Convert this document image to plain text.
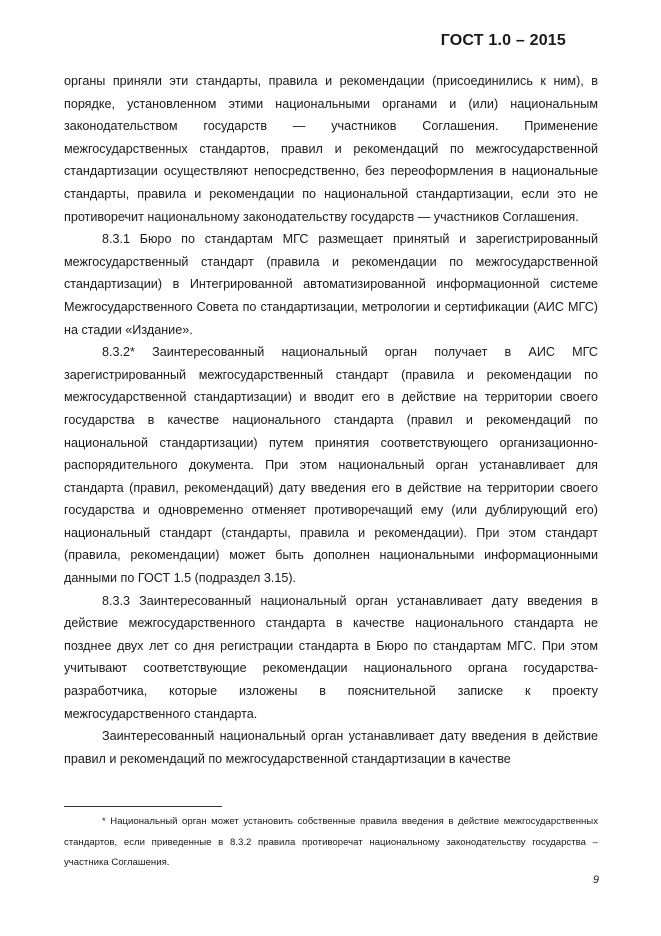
ГОСТ 1.0 – 2015

органы приняли эти стандарты, правила и рекомендации (присоединились к ним), в порядке, установленном этими национальными органами и (или) национальным законодательством государств — участников Соглашения. Применение межгосударственных стандартов, правил и рекомендаций по межгосударственной стандартизации осуществляют непосредственно, без переоформления в национальные стандарты, правила и рекомендации по национальной стандартизации, если это не противоречит национальному законодательству государств — участников Соглашения.

8.3.1 Бюро по стандартам МГС размещает принятый и зарегистрированный межгосударственный стандарт (правила и рекомендации по межгосударственной стандартизации) в Интегрированной автоматизированной информационной системе Межгосударственного Совета по стандартизации, метрологии и сертификации (АИС МГС) на стадии «Издание».

8.3.2* Заинтересованный национальный орган получает в АИС МГС зарегистрированный межгосударственный стандарт (правила и рекомендации по межгосударственной стандартизации) и вводит его в действие на территории своего государства в качестве национального стандарта (правил и рекомендаций по национальной стандартизации) путем принятия соответствующего организационно-распорядительного документа. При этом национальный орган устанавливает для стандарта (правил, рекомендаций) дату введения его в действие на территории своего государства и одновременно отменяет противоречащий ему (или дублирующий его) национальный стандарт (стандарты, правила и рекомендации). При этом стандарт (правила, рекомендации) может быть дополнен национальными информационными данными по ГОСТ 1.5 (подраздел 3.15).

8.3.3 Заинтересованный национальный орган устанавливает дату введения в действие межгосударственного стандарта в качестве национального стандарта не позднее двух лет со дня регистрации стандарта в Бюро по стандартам МГС. При этом учитывают соответствующие рекомендации национального органа государства-разработчика, которые изложены в пояснительной записке к проекту межгосударственного стандарта.

Заинтересованный национальный орган устанавливает дату введения в действие правил и рекомендаций по межгосударственной стандартизации в качестве

* Национальный орган может установить собственные правила введения в действие межгосударственных стандартов, если приведенные в 8.3.2 правила противоречат национальному законодательству государства – участника Соглашения.
9
